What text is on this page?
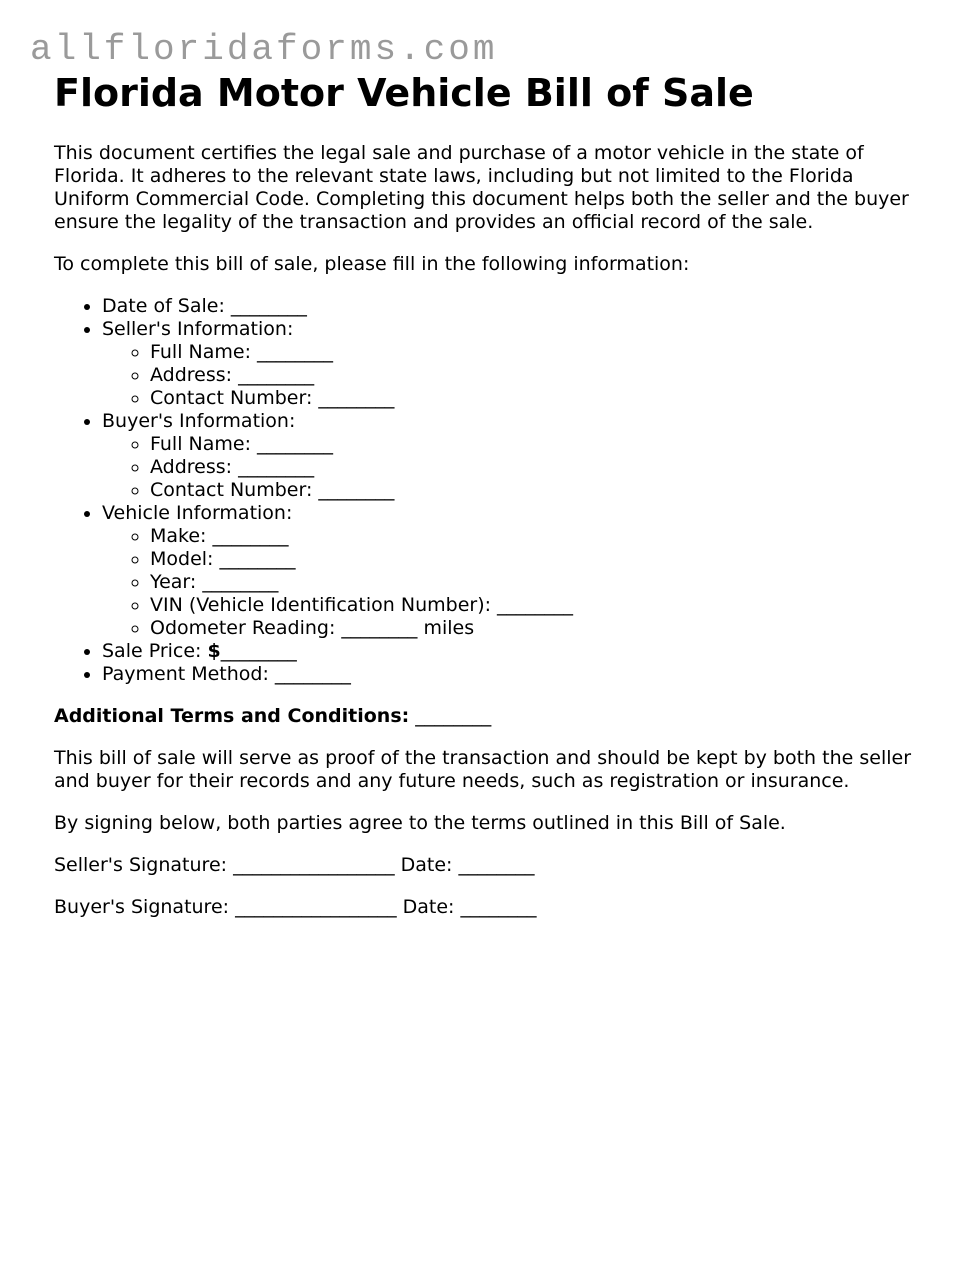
allfloridaforms.com
Florida Motor Vehicle Bill of Sale

This document certifies the legal sale and purchase of a motor vehicle in the state of Florida. It adheres to the relevant state laws, including but not limited to the Florida Uniform Commercial Code. Completing this document helps both the seller and the buyer ensure the legality of the transaction and provides an official record of the sale.

To complete this bill of sale, please fill in the following information:

• Date of Sale: ________
• Seller's Information:
◦ Full Name: ________
◦ Address: ________
◦ Contact Number: ________
• Buyer's Information:
◦ Full Name: ________
◦ Address: ________
◦ Contact Number: ________
• Vehicle Information:
◦ Make: ________
◦ Model: ________
◦ Year: ________
◦ VIN (Vehicle Identification Number): ________
◦ Odometer Reading: ________ miles
• Sale Price: $________
• Payment Method: ________

Additional Terms and Conditions: ________

This bill of sale will serve as proof of the transaction and should be kept by both the seller and buyer for their records and any future needs, such as registration or insurance.

By signing below, both parties agree to the terms outlined in this Bill of Sale.

Seller's Signature: _________________ Date: ________

Buyer's Signature: _________________ Date: ________
